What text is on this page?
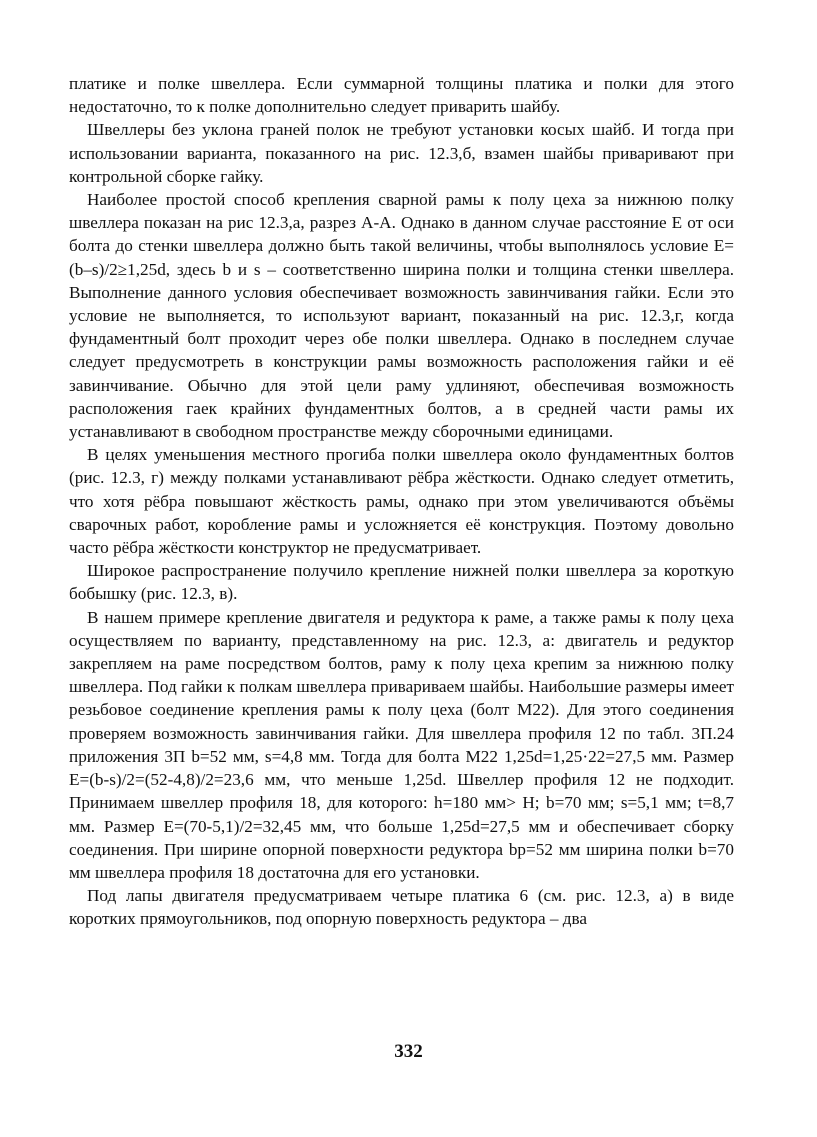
платике и полке швеллера. Если суммарной толщины платика и полки для этого недостаточно, то к полке дополнительно следует приварить шайбу.

Швеллеры без уклона граней полок не требуют установки косых шайб. И тогда при использовании варианта, показанного на рис. 12.3,б, взамен шайбы приваривают при контрольной сборке гайку.

Наиболее простой способ крепления сварной рамы к полу цеха за нижнюю полку швеллера показан на рис 12.3,а, разрез А-А. Однако в данном случае расстояние E от оси болта до стенки швеллера должно быть такой величины, чтобы выполнялось условие E=(b–s)/2≥1,25d, здесь b и s – соответственно ширина полки и толщина стенки швеллера. Выполнение данного условия обеспечивает возможность завинчивания гайки. Если это условие не выполняется, то используют вариант, показанный на рис. 12.3,г, когда фундаментный болт проходит через обе полки швеллера. Однако в последнем случае следует предусмотреть в конструкции рамы возможность расположения гайки и её завинчивание. Обычно для этой цели раму удлиняют, обеспечивая возможность расположения гаек крайних фундаментных болтов, а в средней части рамы их устанавливают в свободном пространстве между сборочными единицами.

В целях уменьшения местного прогиба полки швеллера около фундаментных болтов (рис. 12.3, г) между полками устанавливают рёбра жёсткости. Однако следует отметить, что хотя рёбра повышают жёсткость рамы, однако при этом увеличиваются объёмы сварочных работ, коробление рамы и усложняется её конструкция. Поэтому довольно часто рёбра жёсткости конструктор не предусматривает.

Широкое распространение получило крепление нижней полки швеллера за короткую бобышку (рис. 12.3, в).

В нашем примере крепление двигателя и редуктора к раме, а также рамы к полу цеха осуществляем по варианту, представленному на рис. 12.3, а: двигатель и редуктор закрепляем на раме посредством болтов, раму к полу цеха крепим за нижнюю полку швеллера. Под гайки к полкам швеллера привариваем шайбы. Наибольшие размеры имеет резьбовое соединение крепления рамы к полу цеха (болт М22). Для этого соединения проверяем возможность завинчивания гайки. Для швеллера профиля 12 по табл. 3П.24 приложения 3П b=52 мм, s=4,8 мм. Тогда для болта М22 1,25d=1,25·22=27,5 мм. Размер E=(b-s)/2=(52-4,8)/2=23,6 мм, что меньше 1,25d. Швеллер профиля 12 не подходит. Принимаем швеллер профиля 18, для которого: h=180 мм> H; b=70 мм; s=5,1 мм; t=8,7 мм. Размер E=(70-5,1)/2=32,45 мм, что больше 1,25d=27,5 мм и обеспечивает сборку соединения. При ширине опорной поверхности редуктора bр=52 мм ширина полки b=70 мм швеллера профиля 18 достаточна для его установки.

Под лапы двигателя предусматриваем четыре платика 6 (см. рис. 12.3, а) в виде коротких прямоугольников, под опорную поверхность редуктора – два

332
